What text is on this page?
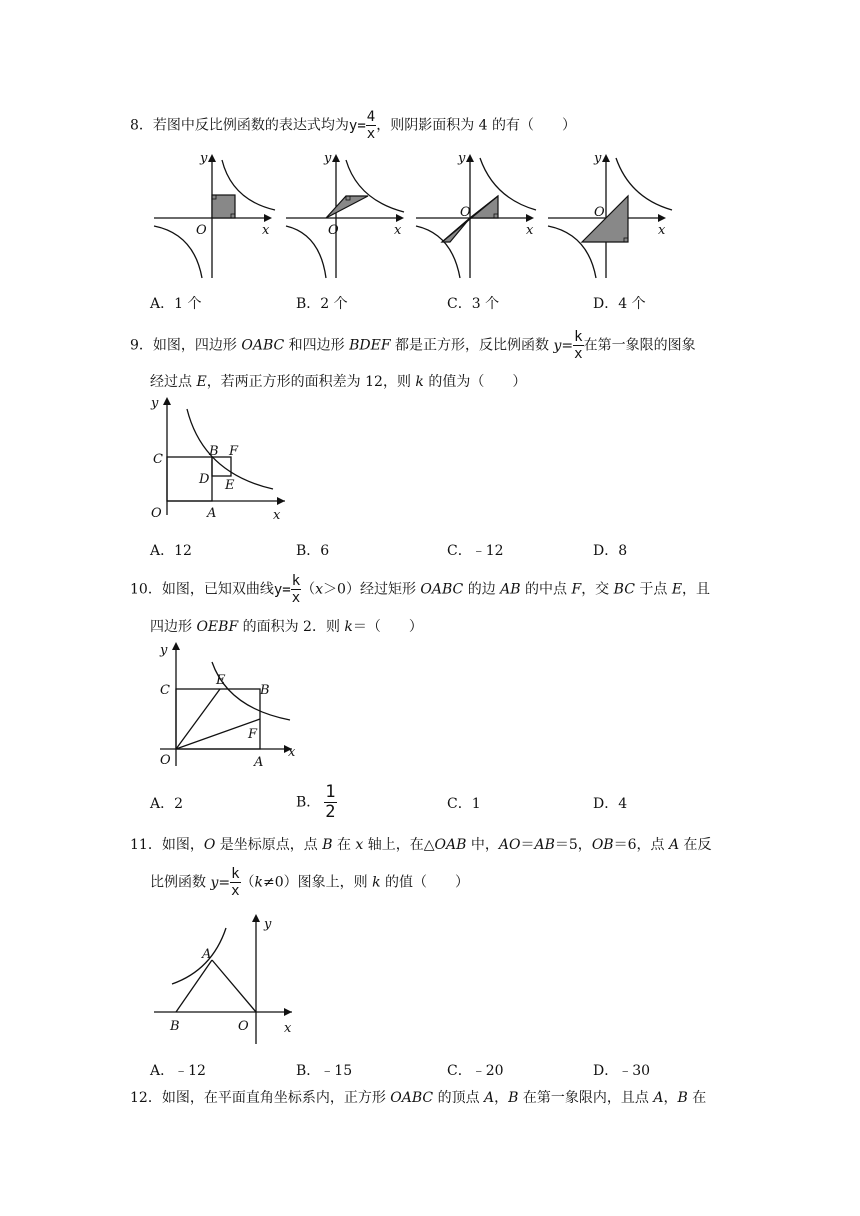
8．若图中反比例函数的表达式均为$y= \frac{4}{x}$ ，则阴影面积为 4 的有（　　）
y
x
O
y
x
O
y
x
O
y
x
O
A．1 个	B．2 个	C．3 个	D．4 个
9．如图，四边形 OABC 和四边形 BDEF 都是正方形，反比例函数 $y= \frac{k}{x}$ 在第一象限的图象
经过点 E，若两正方形的面积差为 12，则 k 的值为（　　）
y
x
O	A
B
C
D E
F
A．12	B．6	C．﹣12	D．8
10．如图，已知双曲线$y= \frac{k}{x} (x>0)$经过矩形 OABC 的边 AB 的中点 F，交 BC 于点 E，且
四边形 OEBF 的面积为 2．则 k＝（　　）
y
x
O	A
B
C
E
F
A．2	B． $\frac{1}{2}$	C．1	D．4
11．如图，O 是坐标原点，点 B 在 x 轴上，在△OAB 中，AO＝AB＝5，OB＝6，点 A 在反
比例函数 $y= \frac{k}{x} (k\ne 0)$图象上，则 k 的值（　　）
y
x
O
A
B
A．﹣12	B．﹣15	C．﹣20	D．﹣30
12．如图，在平面直角坐标系内，正方形 OABC 的顶点 A，B 在第一象限内，且点 A，B 在
